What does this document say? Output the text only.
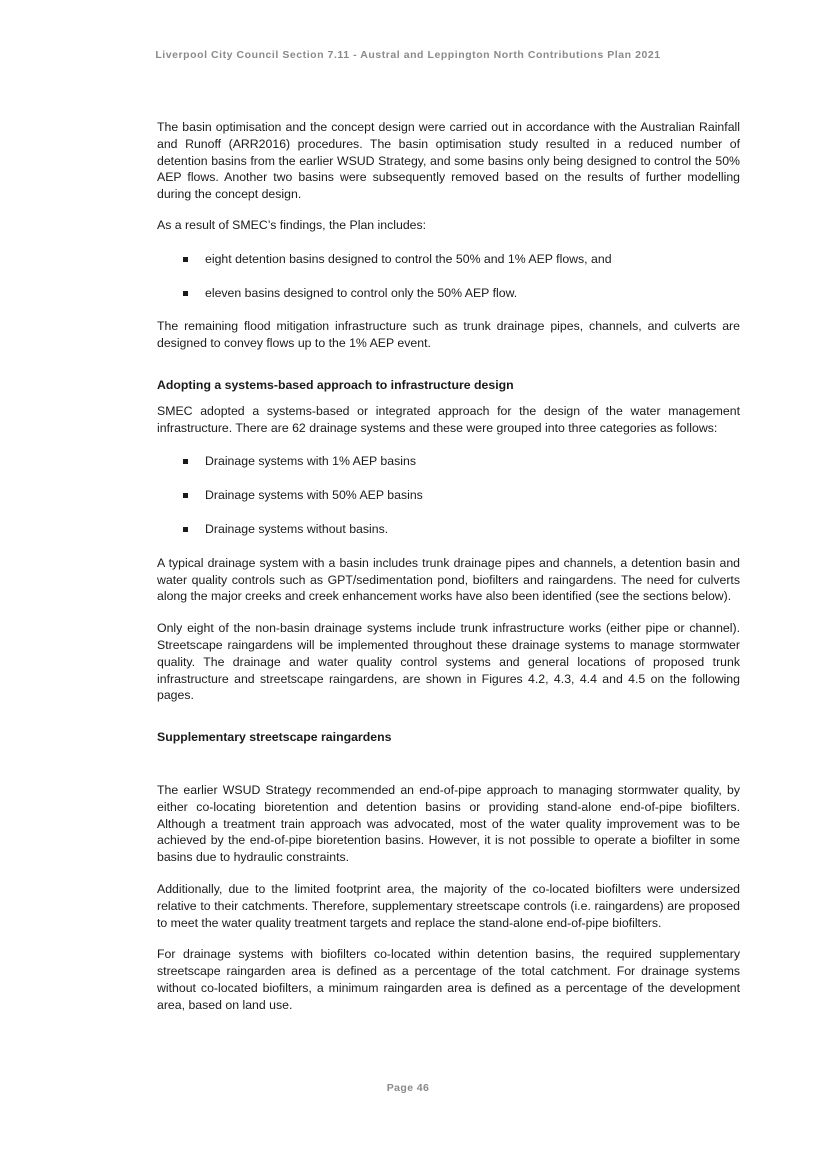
Liverpool City Council Section 7.11 - Austral and Leppington North Contributions Plan 2021

The basin optimisation and the concept design were carried out in accordance with the Australian Rainfall and Runoff (ARR2016) procedures. The basin optimisation study resulted in a reduced number of detention basins from the earlier WSUD Strategy, and some basins only being designed to control the 50% AEP flows. Another two basins were subsequently removed based on the results of further modelling during the concept design.

As a result of SMEC’s findings, the Plan includes:

eight detention basins designed to control the 50% and 1% AEP flows, and
eleven basins designed to control only the 50% AEP flow.

The remaining flood mitigation infrastructure such as trunk drainage pipes, channels, and culverts are designed to convey flows up to the 1% AEP event.

Adopting a systems-based approach to infrastructure design

SMEC adopted a systems-based or integrated approach for the design of the water management infrastructure. There are 62 drainage systems and these were grouped into three categories as follows:

Drainage systems with 1% AEP basins
Drainage systems with 50% AEP basins
Drainage systems without basins.

A typical drainage system with a basin includes trunk drainage pipes and channels, a detention basin and water quality controls such as GPT/sedimentation pond, biofilters and raingardens. The need for culverts along the major creeks and creek enhancement works have also been identified (see the sections below).

Only eight of the non-basin drainage systems include trunk infrastructure works (either pipe or channel). Streetscape raingardens will be implemented throughout these drainage systems to manage stormwater quality. The drainage and water quality control systems and general locations of proposed trunk infrastructure and streetscape raingardens, are shown in Figures 4.2, 4.3, 4.4 and 4.5 on the following pages.

Supplementary streetscape raingardens

The earlier WSUD Strategy recommended an end-of-pipe approach to managing stormwater quality, by either co-locating bioretention and detention basins or providing stand-alone end-of-pipe biofilters. Although a treatment train approach was advocated, most of the water quality improvement was to be achieved by the end-of-pipe bioretention basins. However, it is not possible to operate a biofilter in some basins due to hydraulic constraints.

Additionally, due to the limited footprint area, the majority of the co-located biofilters were undersized relative to their catchments. Therefore, supplementary streetscape controls (i.e. raingardens) are proposed to meet the water quality treatment targets and replace the stand-alone end-of-pipe biofilters.

For drainage systems with biofilters co-located within detention basins, the required supplementary streetscape raingarden area is defined as a percentage of the total catchment. For drainage systems without co-located biofilters, a minimum raingarden area is defined as a percentage of the development area, based on land use.

Page 46
